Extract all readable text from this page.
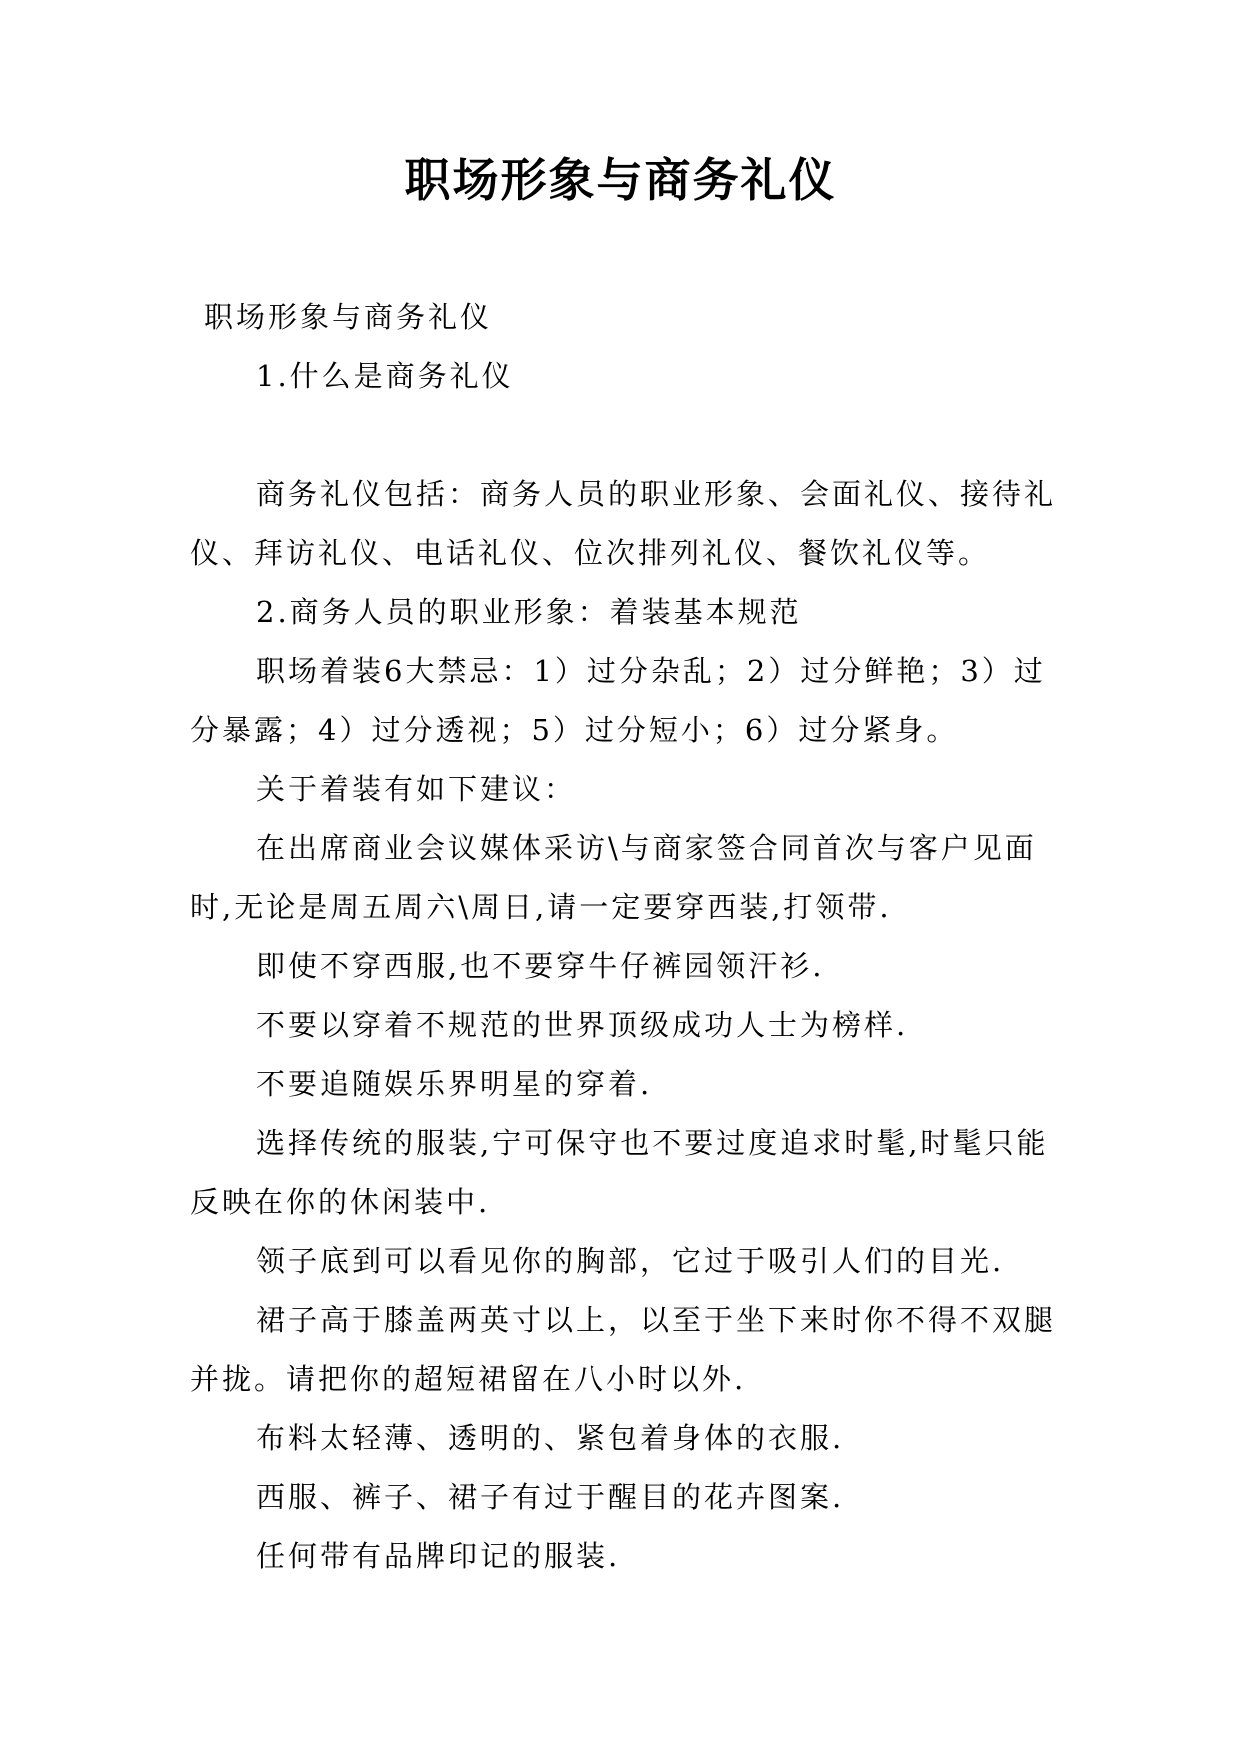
职场形象与商务礼仪

职场形象与商务礼仪

1.什么是商务礼仪

商务礼仪包括：商务人员的职业形象、会面礼仪、接待礼仪、拜访礼仪、电话礼仪、位次排列礼仪、餐饮礼仪等。

2.商务人员的职业形象：着装基本规范

职场着装6大禁忌：1）过分杂乱；2）过分鲜艳；3）过分暴露；4）过分透视；5）过分短小；6）过分紧身。

关于着装有如下建议：

在出席商业会议媒体采访\与商家签合同首次与客户见面时,无论是周五周六\周日,请一定要穿西装,打领带.

即使不穿西服,也不要穿牛仔裤园领汗衫.

不要以穿着不规范的世界顶级成功人士为榜样.

不要追随娱乐界明星的穿着.

选择传统的服装,宁可保守也不要过度追求时髦,时髦只能反映在你的休闲装中.

领子底到可以看见你的胸部，它过于吸引人们的目光.

裙子高于膝盖两英寸以上，以至于坐下来时你不得不双腿并拢。请把你的超短裙留在八小时以外.

布料太轻薄、透明的、紧包着身体的衣服.

西服、裤子、裙子有过于醒目的花卉图案.

任何带有品牌印记的服装.
